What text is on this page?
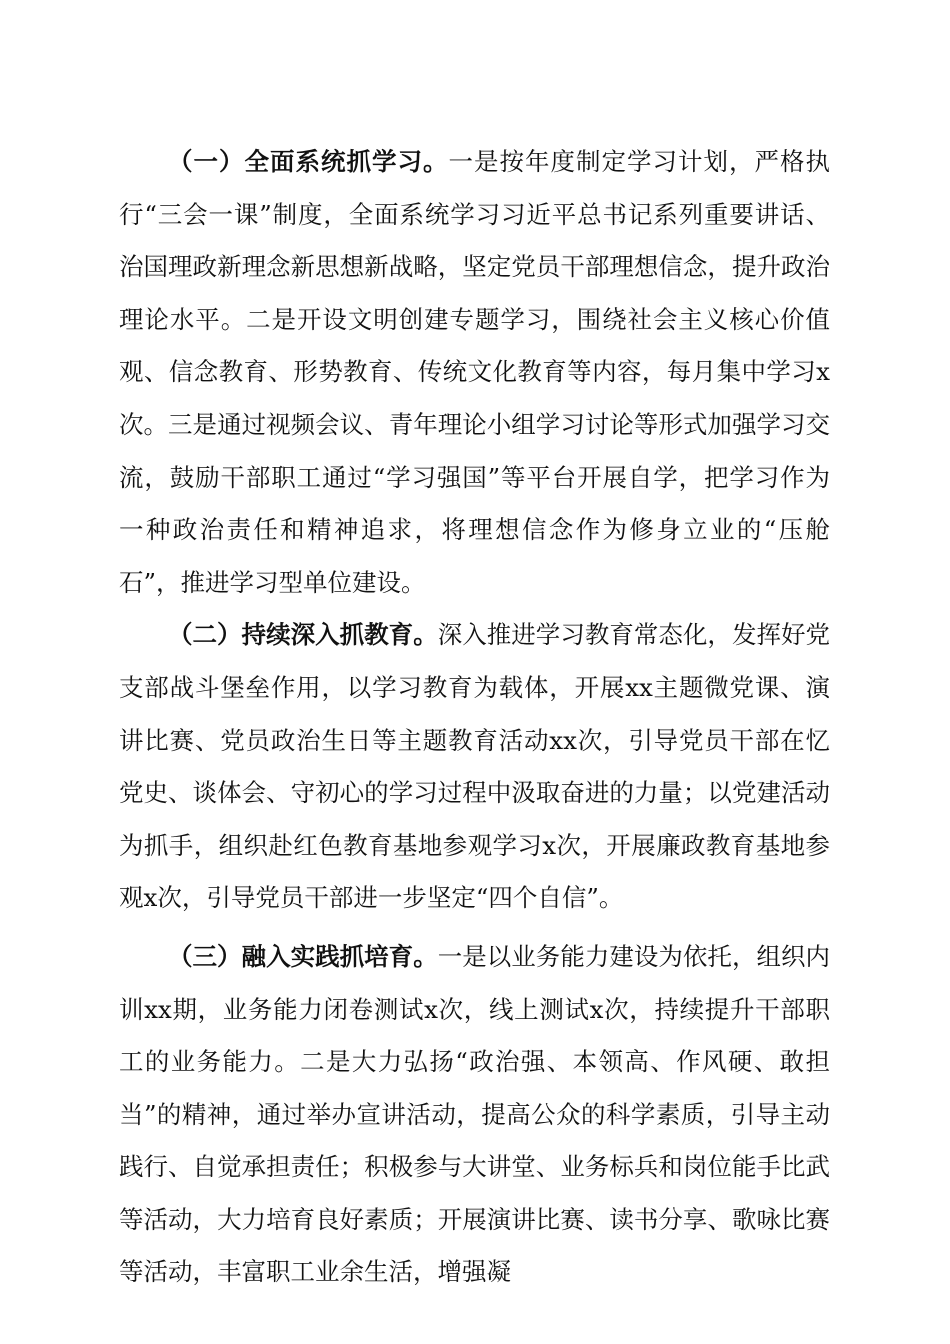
（一）全面系统抓学习。一是按年度制定学习计划，严格执行“三会一课”制度，全面系统学习习近平总书记系列重要讲话、治国理政新理念新思想新战略，坚定党员干部理想信念，提升政治理论水平。二是开设文明创建专题学习，围绕社会主义核心价值观、信念教育、形势教育、传统文化教育等内容，每月集中学习x次。三是通过视频会议、青年理论小组学习讨论等形式加强学习交流，鼓励干部职工通过“学习强国”等平台开展自学，把学习作为一种政治责任和精神追求，将理想信念作为修身立业的“压舱石”，推进学习型单位建设。

（二）持续深入抓教育。深入推进学习教育常态化，发挥好党支部战斗堡垒作用，以学习教育为载体，开展xx主题微党课、演讲比赛、党员政治生日等主题教育活动xx次，引导党员干部在忆党史、谈体会、守初心的学习过程中汲取奋进的力量；以党建活动为抓手，组织赴红色教育基地参观学习x次，开展廉政教育基地参观x次，引导党员干部进一步坚定“四个自信”。

（三）融入实践抓培育。一是以业务能力建设为依托，组织内训xx期，业务能力闭卷测试x次，线上测试x次，持续提升干部职工的业务能力。二是大力弘扬“政治强、本领高、作风硬、敢担当”的精神，通过举办宣讲活动，提高公众的科学素质，引导主动践行、自觉承担责任；积极参与大讲堂、业务标兵和岗位能手比武等活动，大力培育良好素质；开展演讲比赛、读书分享、歌咏比赛等活动，丰富职工业余生活，增强凝
